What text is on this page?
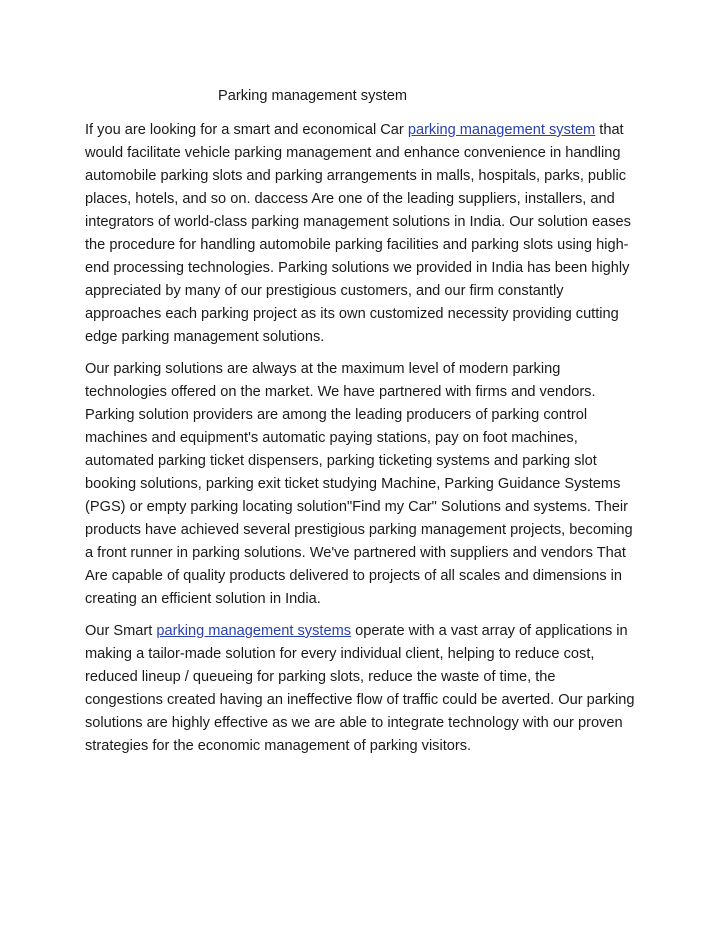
Parking management system

If you are looking for a smart and economical Car parking management system that would facilitate vehicle parking management and enhance convenience in handling automobile parking slots and parking arrangements in malls, hospitals, parks, public places, hotels, and so on. daccess Are one of the leading suppliers, installers, and integrators of world-class parking management solutions in India. Our solution eases the procedure for handling automobile parking facilities and parking slots using high-end processing technologies. Parking solutions we provided in India has been highly appreciated by many of our prestigious customers, and our firm constantly approaches each parking project as its own customized necessity providing cutting edge parking management solutions.

Our parking solutions are always at the maximum level of modern parking technologies offered on the market. We have partnered with firms and vendors. Parking solution providers are among the leading producers of parking control machines and equipment's automatic paying stations, pay on foot machines, automated parking ticket dispensers, parking ticketing systems and parking slot booking solutions, parking exit ticket studying Machine, Parking Guidance Systems (PGS) or empty parking locating solution"Find my Car" Solutions and systems. Their products have achieved several prestigious parking management projects, becoming a front runner in parking solutions. We've partnered with suppliers and vendors That Are capable of quality products delivered to projects of all scales and dimensions in creating an efficient solution in India.

Our Smart parking management systems operate with a vast array of applications in making a tailor-made solution for every individual client, helping to reduce cost, reduced lineup / queueing for parking slots, reduce the waste of time, the congestions created having an ineffective flow of traffic could be averted. Our parking solutions are highly effective as we are able to integrate technology with our proven strategies for the economic management of parking visitors.
